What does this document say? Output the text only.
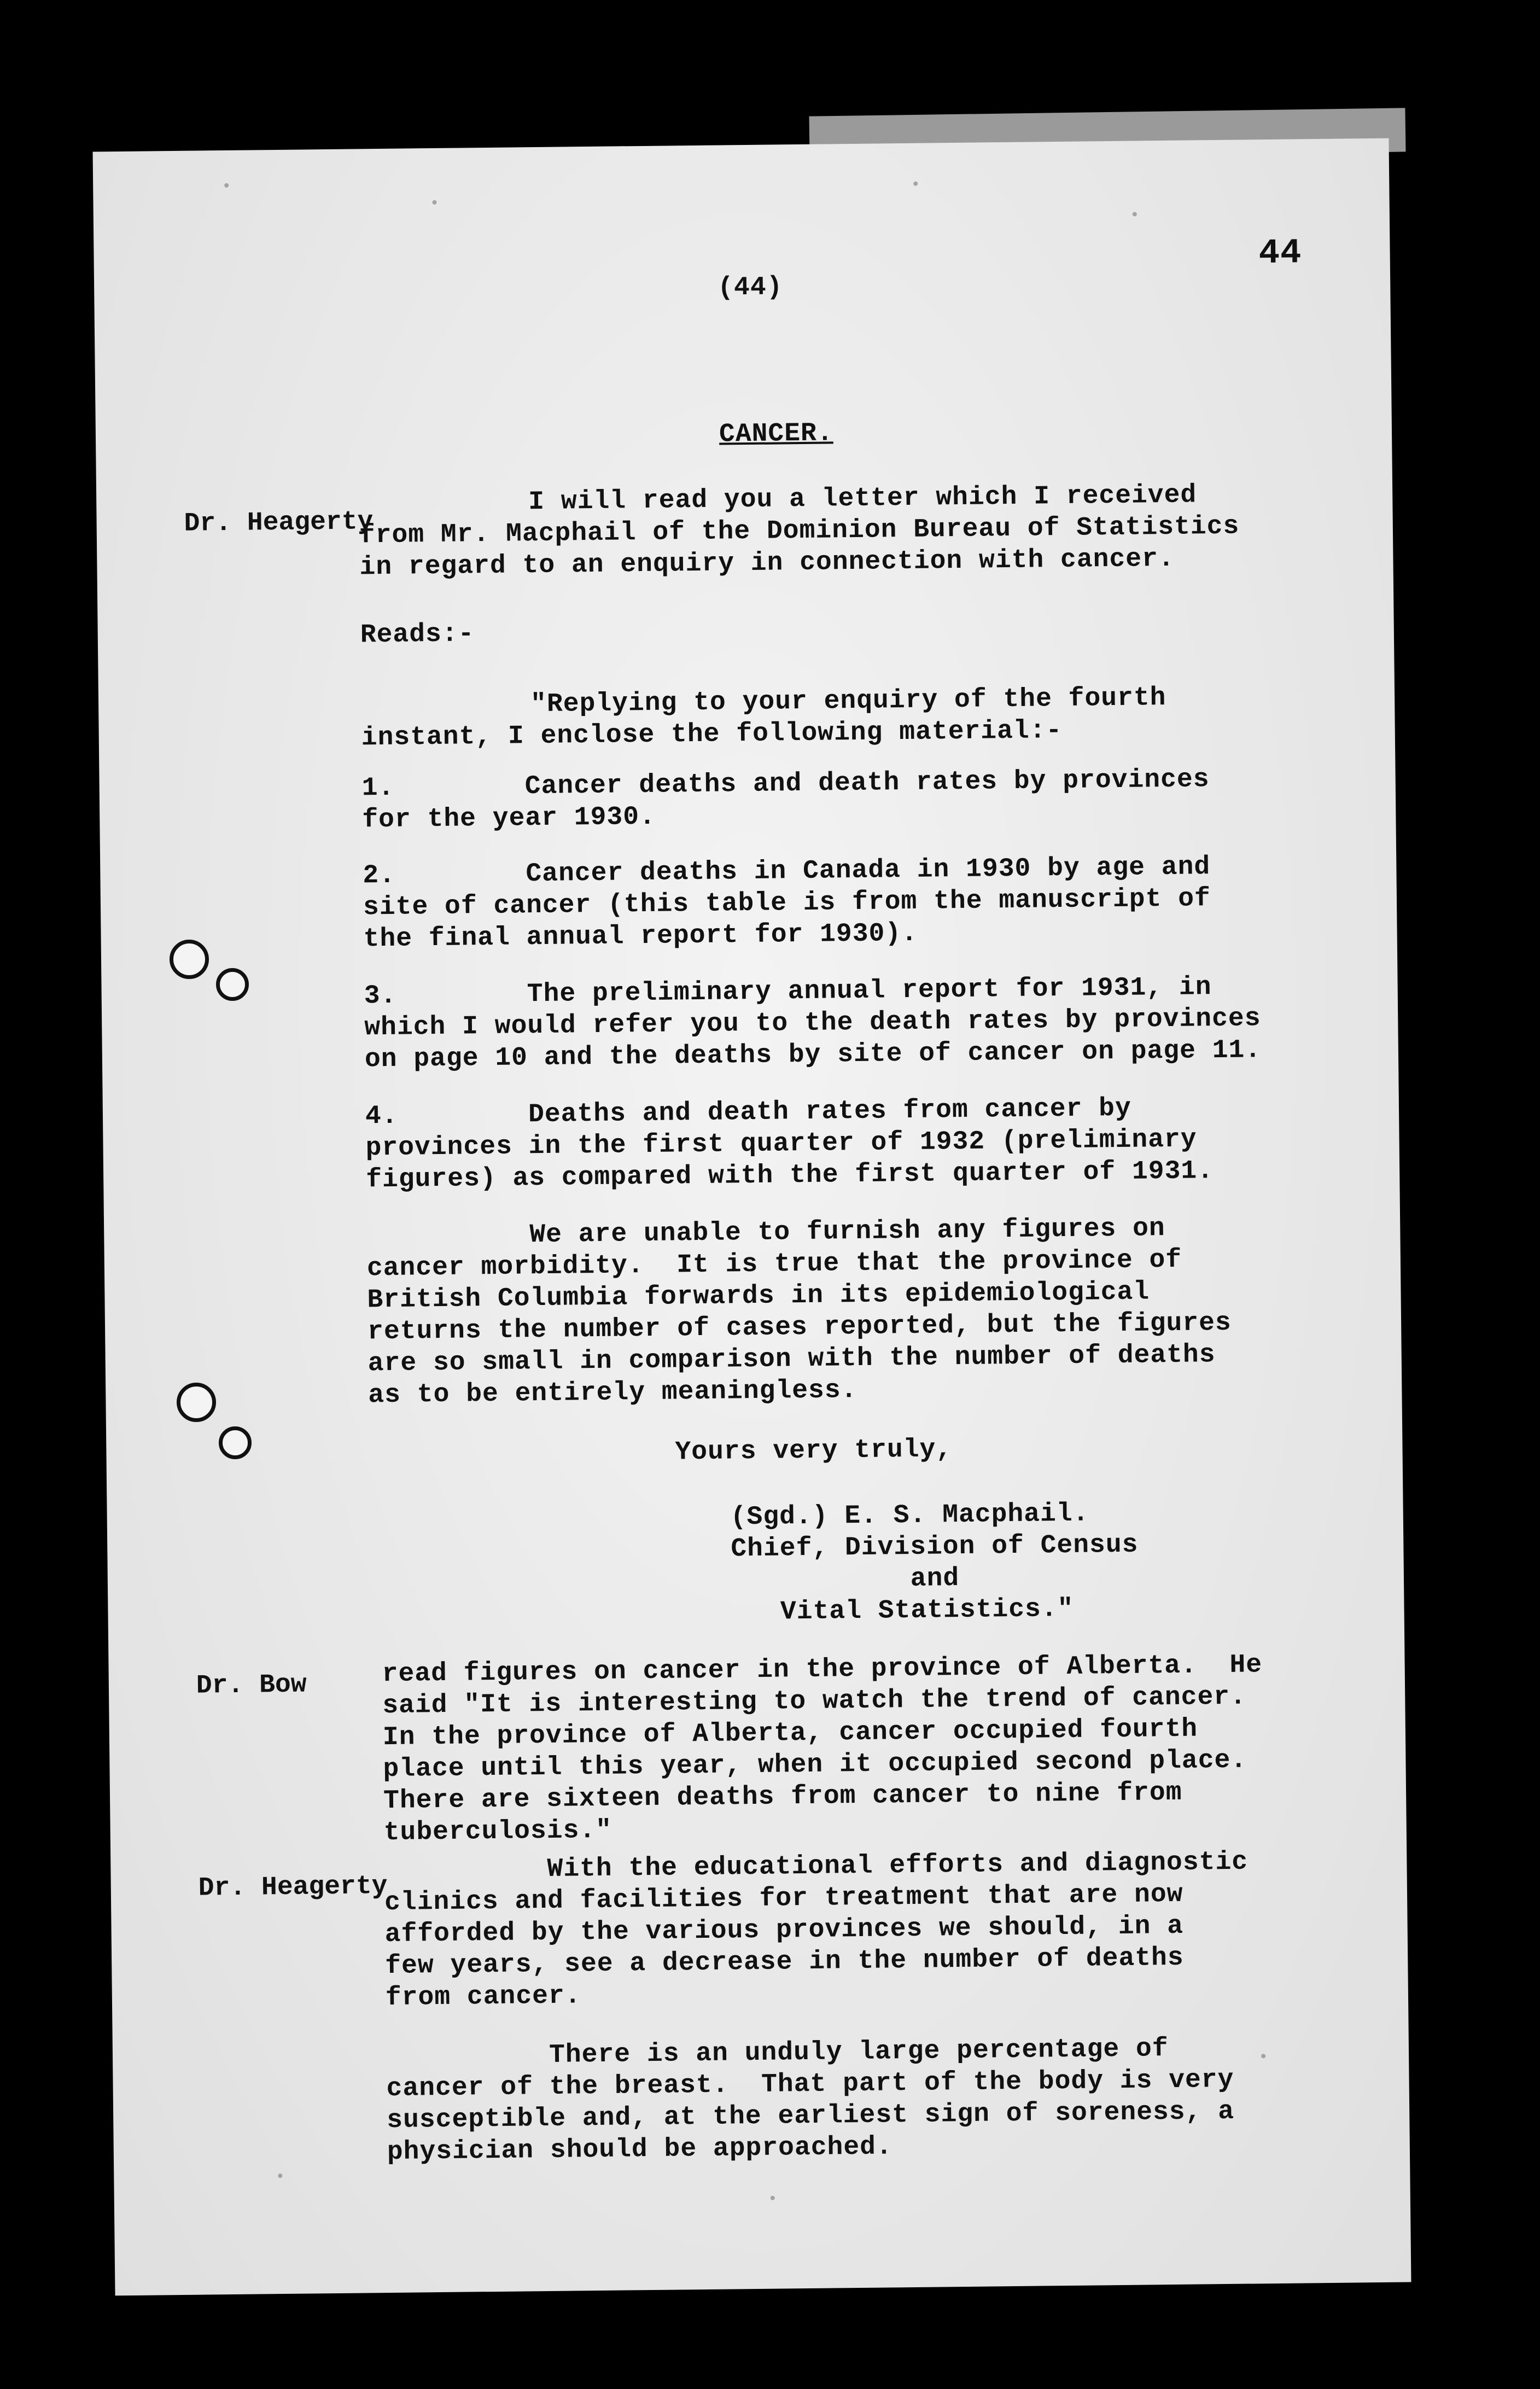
44
(44)
CANCER.
Dr. Heagerty
I will read you a letter which I received
from Mr. Macphail of the Dominion Bureau of Statistics
in regard to an enquiry in connection with cancer.
Reads:-
"Replying to your enquiry of the fourth
instant, I enclose the following material:-
1.        Cancer deaths and death rates by provinces
for the year 1930.
2.        Cancer deaths in Canada in 1930 by age and
site of cancer (this table is from the manuscript of
the final annual report for 1930).
3.        The preliminary annual report for 1931, in
which I would refer you to the death rates by provinces
on page 10 and the deaths by site of cancer on page 11.
4.        Deaths and death rates from cancer by
provinces in the first quarter of 1932 (preliminary
figures) as compared with the first quarter of 1931.
We are unable to furnish any figures on
cancer morbidity.  It is true that the province of
British Columbia forwards in its epidemiological
returns the number of cases reported, but the figures
are so small in comparison with the number of deaths
as to be entirely meaningless.
Yours very truly,
(Sgd.) E. S. Macphail.
Chief, Division of Census
and
Vital Statistics."
Dr. Bow	read figures on cancer in the province of Alberta.  He
said "It is interesting to watch the trend of cancer.
In the province of Alberta, cancer occupied fourth
place until this year, when it occupied second place.
There are sixteen deaths from cancer to nine from
tuberculosis."
Dr. Heagerty
With the educational efforts and diagnostic
clinics and facilities for treatment that are now
afforded by the various provinces we should, in a
few years, see a decrease in the number of deaths
from cancer.
There is an unduly large percentage of
cancer of the breast.  That part of the body is very
susceptible and, at the earliest sign of soreness, a
physician should be approached.
